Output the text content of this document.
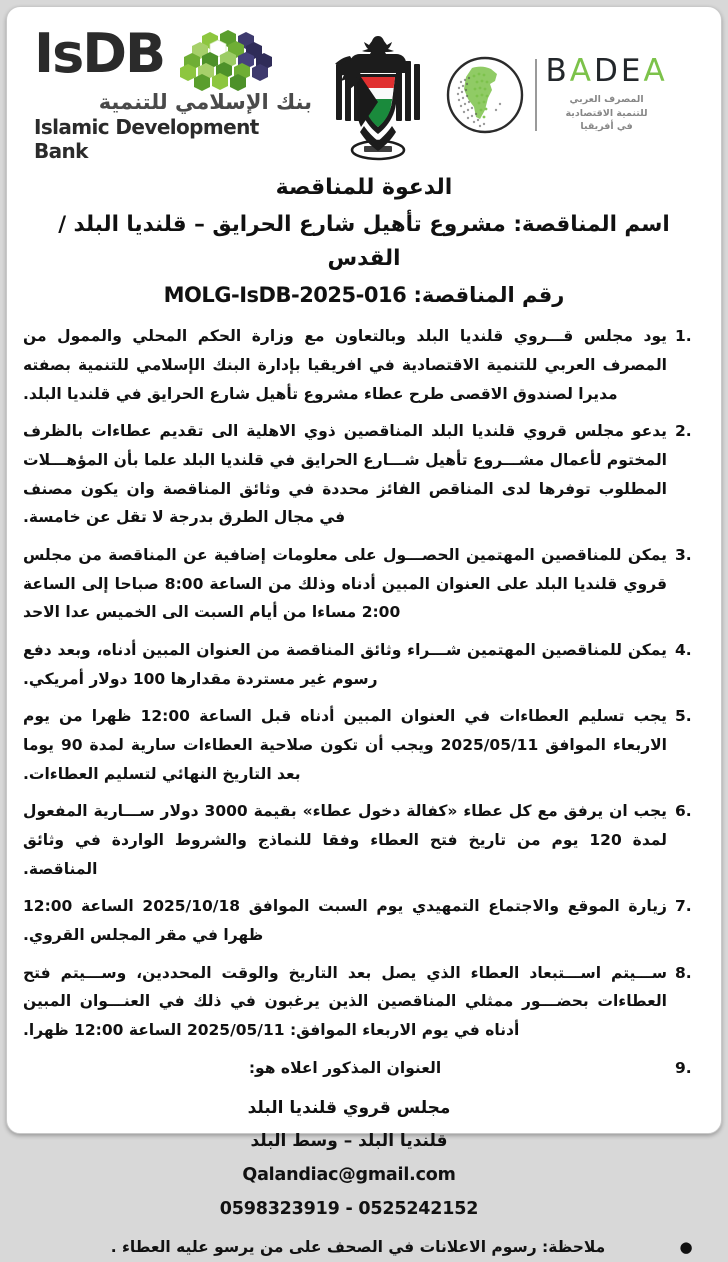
IsDB
بنك الإسلامي للتنمية
Islamic Development Bank
B A DE A
المصرف العربي
للتنمية الاقتصادية
في أفريقيا
الدعوة للمناقصة
اسم المناقصة: مشروع تأهيل شارع الحرايق – قلنديا البلد / القدس
رقم المناقصة: MOLG-IsDB-2025-016
1.
يود مجلس قـــروي قلنديا البلد وبالتعاون مع وزارة الحكم المحلي والممول من المصرف العربي للتنمية الاقتصادية في افريقيا بإدارة البنك الإسلامي للتنمية بصفته مديرا لصندوق الاقصى طرح عطاء مشروع تأهيل شارع الحرايق في قلنديا البلد.
2.
يدعو مجلس قروي قلنديا البلد المناقصين ذوي الاهلية الى تقديم عطاءات بالظرف المختوم لأعمال مشـــروع تأهيل شـــارع الحرايق في قلنديا البلد علما بأن المؤهـــلات المطلوب توفرها لدى المناقص الفائز محددة في وثائق المناقصة وان يكون مصنف في مجال الطرق بدرجة لا تقل عن خامسة.
3.
يمكن للمناقصين المهتمين الحصـــول على معلومات إضافية عن المناقصة من مجلس قروي قلنديا البلد على العنوان المبين أدناه وذلك من الساعة 8:00 صباحا إلى الساعة 2:00 مساءا من أيام السبت الى الخميس عدا الاحد
4.
يمكن للمناقصين المهتمين شـــراء وثائق المناقصة من العنوان المبين أدناه، وبعد دفع رسوم غير مستردة مقدارها 100 دولار أمريكي.
5.
يجب تسليم العطاءات في العنوان المبين أدناه قبل الساعة 12:00 ظهرا من يوم الاربعاء الموافق 2025/05/11 ويجب أن تكون صلاحية العطاءات سارية لمدة 90 يوما بعد التاريخ النهائي لتسليم العطاءات.
6.
يجب ان يرفق مع كل عطاء «كفالة دخول عطاء» بقيمة 3000 دولار ســـارية المفعول لمدة 120 يوم من تاريخ فتح العطاء وفقا للنماذج والشروط الواردة في وثائق المناقصة.
7.
زيارة الموقع والاجتماع التمهيدي يوم السبت الموافق 2025/10/18 الساعة 12:00 ظهرا في مقر المجلس القروي.
8.
ســـيتم اســـتبعاد العطاء الذي يصل بعد التاريخ والوقت المحددين، وســـيتم فتح العطاءات بحضـــور ممثلي المناقصين الذين يرغبون في ذلك في العنـــوان المبين أدناه في يوم الاربعاء الموافق: 2025/05/11 الساعة 12:00 ظهرا.
9.
العنوان المذكور اعلاه هو:
مجلس قروي قلنديا البلد
قلنديا البلد – وسط البلد
Qalandiac@gmail.com
0598323919 - 0525242152
●
ملاحظة: رسوم الاعلانات في الصحف على من يرسو عليه العطاء .
